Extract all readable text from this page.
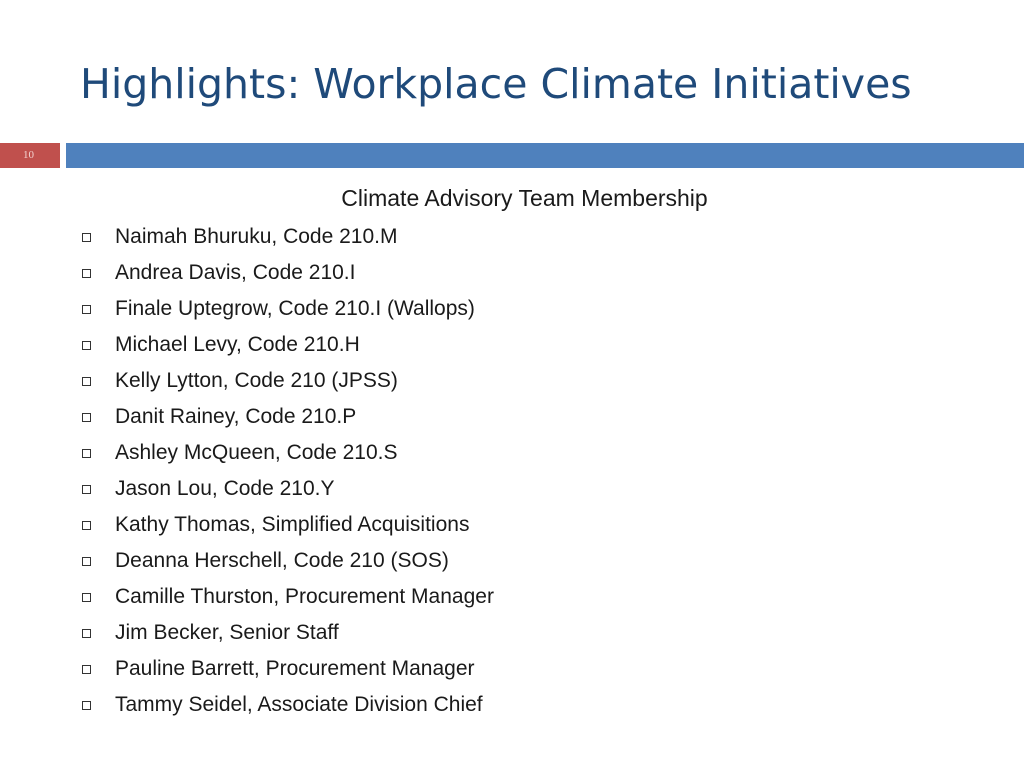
Highlights: Workplace Climate Initiatives
10
Climate Advisory Team Membership
Naimah Bhuruku, Code 210.M
Andrea Davis, Code 210.I
Finale Uptegrow, Code 210.I (Wallops)
Michael Levy, Code 210.H
Kelly Lytton, Code 210 (JPSS)
Danit Rainey, Code 210.P
Ashley McQueen, Code 210.S
Jason Lou, Code 210.Y
Kathy Thomas, Simplified Acquisitions
Deanna Herschell, Code 210 (SOS)
Camille Thurston, Procurement Manager
Jim Becker, Senior Staff
Pauline Barrett, Procurement Manager
Tammy Seidel, Associate Division Chief
